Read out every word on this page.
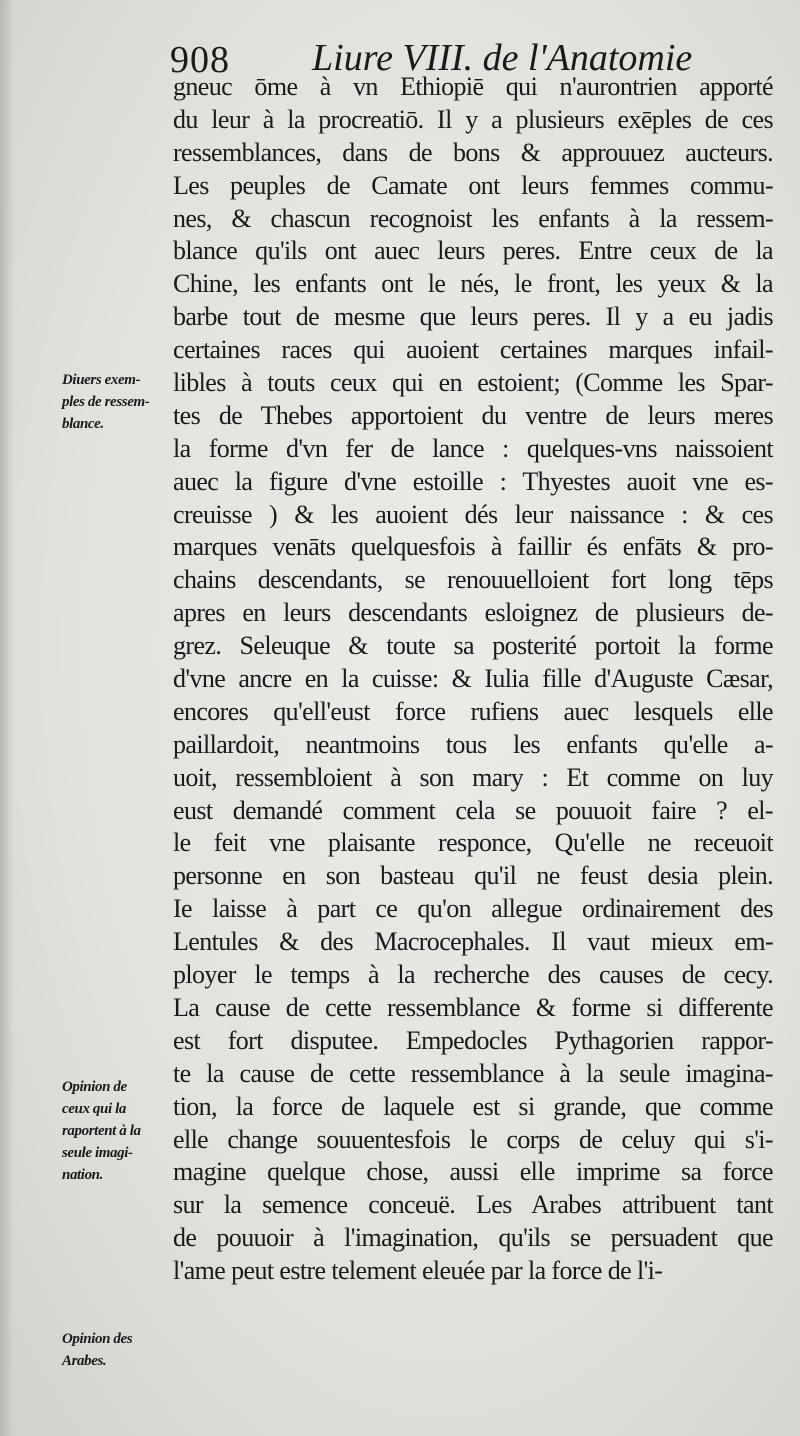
908 Liure VIII. de l'Anatomie
gneuc ōme à vn Ethiopiē qui n'aurontrien apporté
du leur à la procreatiō. Il y a plusieurs exēples de ces
ressemblances, dans de bons & approuuez aucteurs.
Les peuples de Camate ont leurs femmes commu-
nes, & chascun recognoist les enfants à la ressem-
blance qu'ils ont auec leurs peres. Entre ceux de la
Chine, les enfants ont le nés, le front, les yeux & la
barbe tout de mesme que leurs peres. Il y a eu jadis
certaines races qui auoient certaines marques infail-
libles à touts ceux qui en estoient; (Comme les Spar-
tes de Thebes apportoient du ventre de leurs meres
la forme d'vn fer de lance : quelques-vns naissoient
auec la figure d'vne estoille : Thyestes auoit vne es-
creuisse ) & les auoient dés leur naissance : & ces
marques venāts quelquesfois à faillir és enfāts & pro-
chains descendants, se renouuelloient fort long tēps
apres en leurs descendants esloignez de plusieurs de-
grez. Seleuque & toute sa posterité portoit la forme
d'vne ancre en la cuisse: & Iulia fille d'Auguste Cæsar,
encores qu'ell'eust force rufiens auec lesquels elle
paillardoit, neantmoins tous les enfants qu'elle a-
uoit, ressembloient à son mary : Et comme on luy
eust demandé comment cela se pouuoit faire ? el-
le feit vne plaisante responce, Qu'elle ne receuoit
personne en son basteau qu'il ne feust desia plein.
Ie laisse à part ce qu'on allegue ordinairement des
Lentules & des Macrocephales. Il vaut mieux em-
ployer le temps à la recherche des causes de cecy.
La cause de cette ressemblance & forme si differente
est fort disputee. Empedocles Pythagorien rappor-
te la cause de cette ressemblance à la seule imagina-
tion, la force de laquele est si grande, que comme
elle change souuentesfois le corps de celuy qui s'i-
magine quelque chose, aussi elle imprime sa force
sur la semence conceuë. Les Arabes attribuent tant
de pouuoir à l'imagination, qu'ils se persuadent que
l'ame peut estre telement eleuée par la force de l'i-
Diuers exem-
ples de ressem-
blance.
Opinion de
ceux qui la
raportent à la
seule imagi-
nation.
Opinion des
Arabes.
